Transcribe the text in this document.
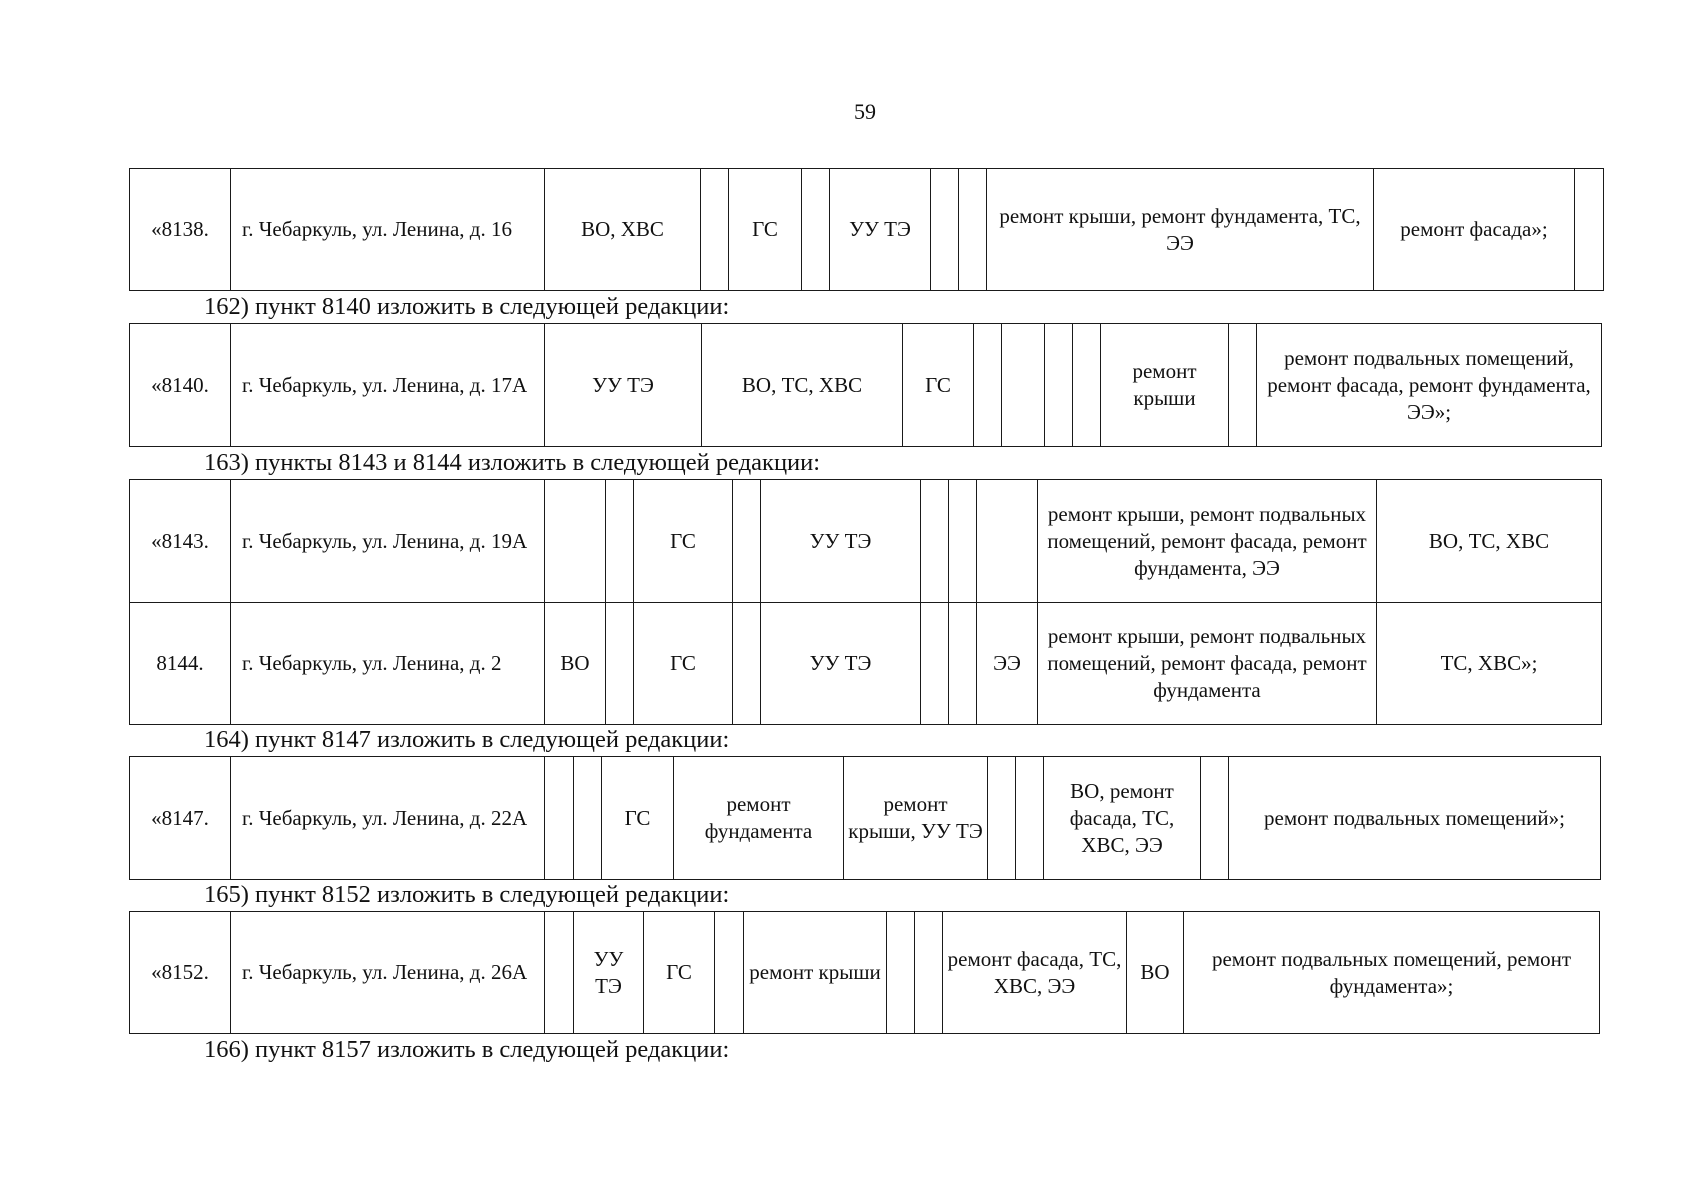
59
«8138.	г. Чебаркуль, ул. Ленина, д. 16	ВО, ХВС		ГС		УУ ТЭ			ремонт крыши, ремонт фундамента, ТС, ЭЭ	ремонт фасада»;	
162) пункт 8140 изложить в следующей редакции:
«8140.	г. Чебаркуль, ул. Ленина, д. 17А	УУ ТЭ	ВО, ТС, ХВС	ГС					ремонт крыши		ремонт подвальных помещений, ремонт фасада, ремонт фундамента, ЭЭ»;
163) пункты 8143 и 8144 изложить в следующей редакции:
«8143.	г. Чебаркуль, ул. Ленина, д. 19А			ГС		УУ ТЭ				ремонт крыши, ремонт подвальных помещений, ремонт фасада, ремонт фундамента, ЭЭ	ВО, ТС, ХВС
8144.	г. Чебаркуль, ул. Ленина, д. 2	ВО		ГС		УУ ТЭ			ЭЭ	ремонт крыши, ремонт подвальных помещений, ремонт фасада, ремонт фундамента	ТС, ХВС»;
164) пункт 8147 изложить в следующей редакции:
«8147.	г. Чебаркуль, ул. Ленина, д. 22А			ГС	ремонт фундамента	ремонт крыши, УУ ТЭ			ВО, ремонт фасада, ТС, ХВС, ЭЭ		ремонт подвальных помещений»;
165) пункт 8152 изложить в следующей редакции:
«8152.	г. Чебаркуль, ул. Ленина, д. 26А		УУ ТЭ	ГС		ремонт крыши			ремонт фасада, ТС, ХВС, ЭЭ	ВО	ремонт подвальных помещений, ремонт фундамента»;
166) пункт 8157 изложить в следующей редакции:
